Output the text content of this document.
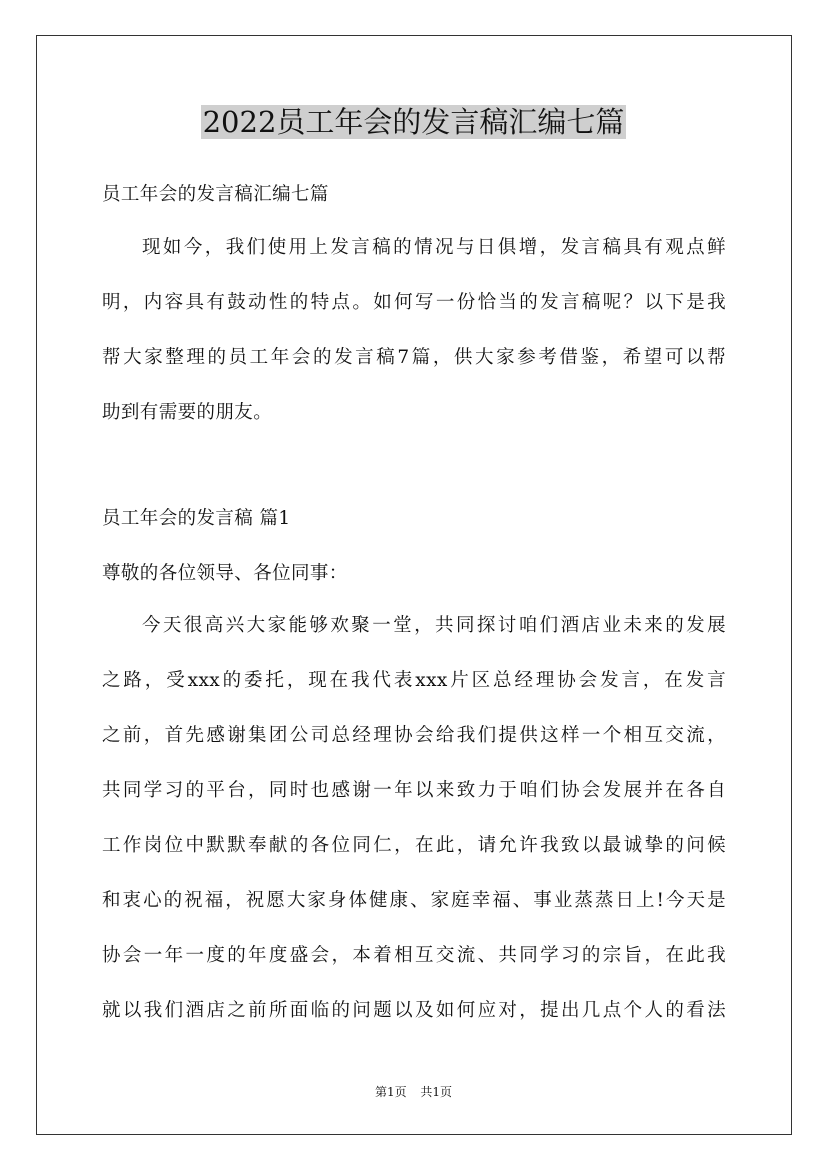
2022员工年会的发言稿汇编七篇
员工年会的发言稿汇编七篇
现如今，我们使用上发言稿的情况与日俱增，发言稿具有观点鲜
明，内容具有鼓动性的特点。如何写一份恰当的发言稿呢？以下是我
帮大家整理的员工年会的发言稿7篇，供大家参考借鉴，希望可以帮
助到有需要的朋友。
员工年会的发言稿 篇1
尊敬的各位领导、各位同事：
今天很高兴大家能够欢聚一堂，共同探讨咱们酒店业未来的发展
之路，受xxx的委托，现在我代表xxx片区总经理协会发言，在发言
之前，首先感谢集团公司总经理协会给我们提供这样一个相互交流，
共同学习的平台，同时也感谢一年以来致力于咱们协会发展并在各自
工作岗位中默默奉献的各位同仁，在此，请允许我致以最诚挚的问候
和衷心的祝福，祝愿大家身体健康、家庭幸福、事业蒸蒸日上!今天是
协会一年一度的年度盛会，本着相互交流、共同学习的宗旨，在此我
就以我们酒店之前所面临的问题以及如何应对，提出几点个人的看法
第1页 共1页
